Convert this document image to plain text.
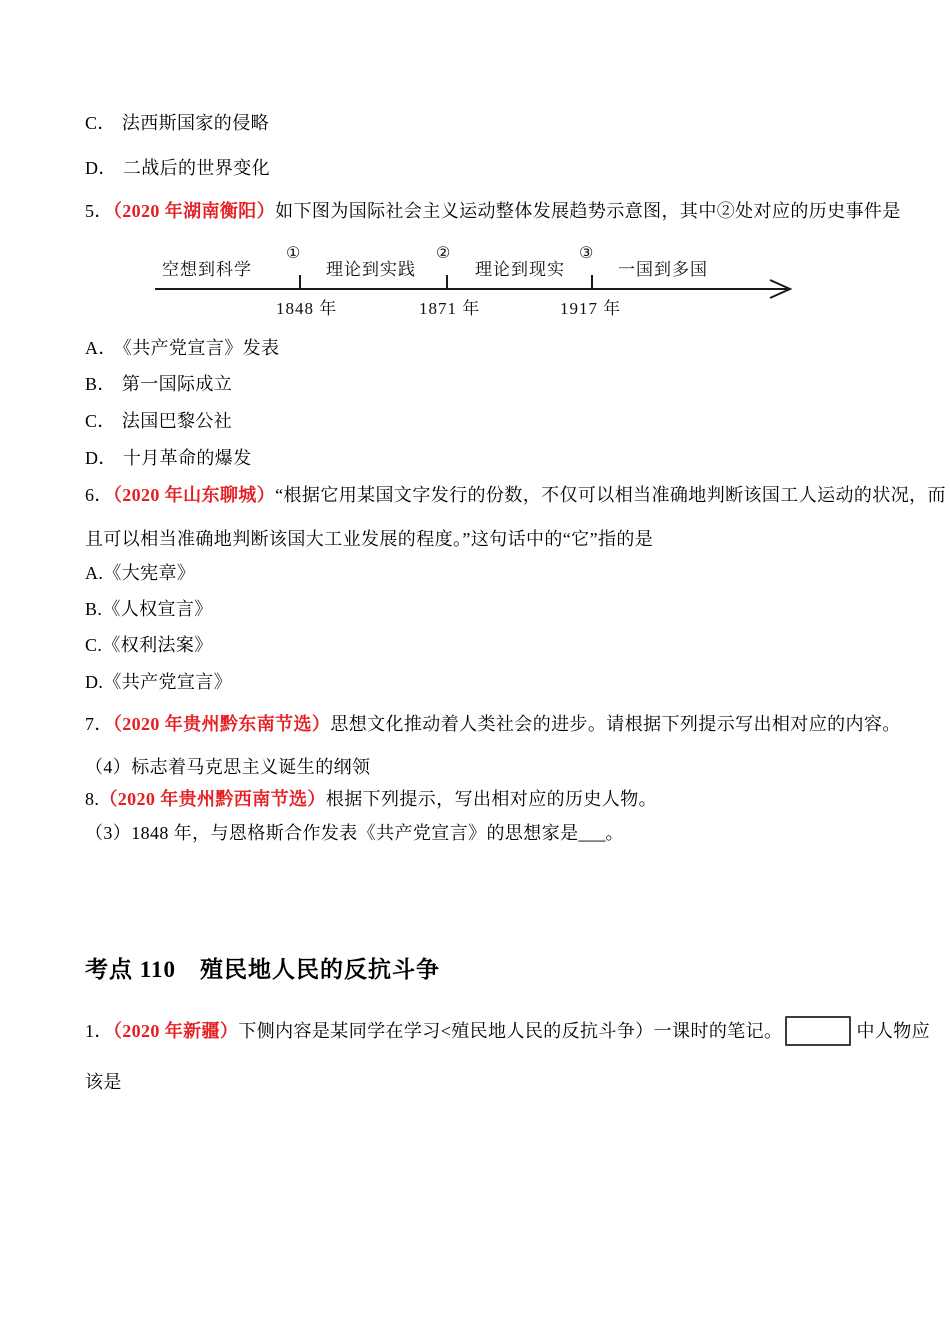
C． 法西斯国家的侵略
D． 二战后的世界变化
5．（2020 年湖南衡阳）如下图为国际社会主义运动整体发展趋势示意图，其中②处对应的历史事件是
空想到科学
①
理论到实践
②
理论到现实
③
一国到多国
1848 年	1871 年	1917 年
A． 《共产党宣言》发表
B． 第一国际成立
C． 法国巴黎公社
D． 十月革命的爆发
6．（2020 年山东聊城）“根据它用某国文字发行的份数，不仅可以相当准确地判断该国工人运动的状况，而
且可以相当准确地判断该国大工业发展的程度。”这句话中的“它”指的是
A.《大宪章》
B.《人权宣言》
C.《权利法案》
D.《共产党宣言》
7．（2020 年贵州黔东南节选）思想文化推动着人类社会的进步。请根据下列提示写出相对应的内容。
（4）标志着马克思主义诞生的纲领
8.（2020 年贵州黔西南节选）根据下列提示，写出相对应的历史人物。
（3）1848 年，与恩格斯合作发表《共产党宣言》的思想家是___。
考点 110　殖民地人民的反抗斗争
1．（2020 年新疆）下侧内容是某同学在学习<殖民地人民的反抗斗争）一课时的笔记。	中人物应
该是
